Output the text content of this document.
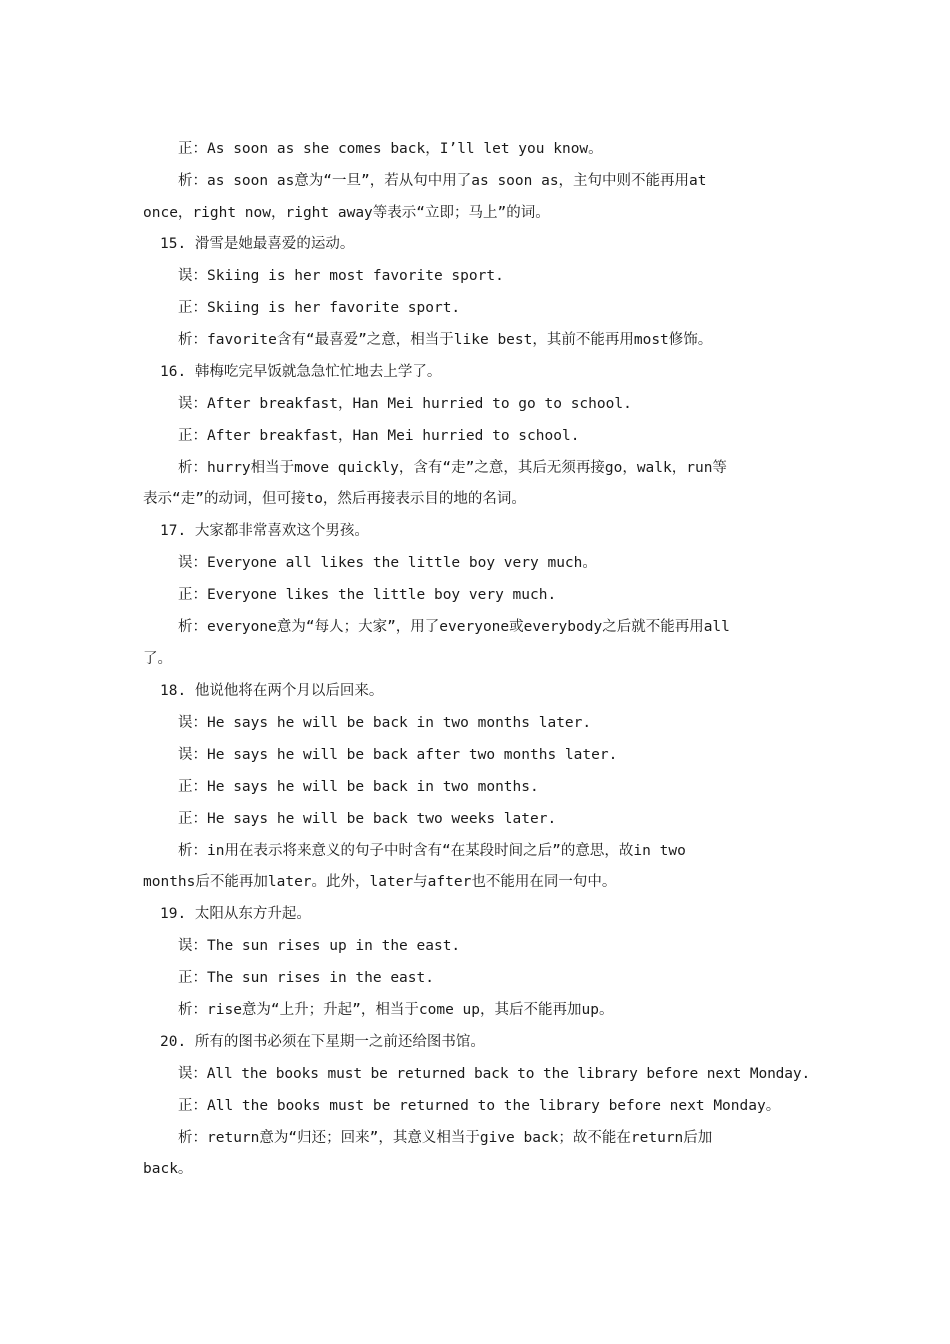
正：As soon as she comes back，I’ll let you know。
析：as soon as意为“一旦”，若从句中用了as soon as，主句中则不能再用at
once，right now，right away等表示“立即；马上”的词。
15. 滑雪是她最喜爱的运动。
误：Skiing is her most favorite sport.
正：Skiing is her favorite sport.
析：favorite含有“最喜爱”之意，相当于like best，其前不能再用most修饰。
16. 韩梅吃完早饭就急急忙忙地去上学了。
误：After breakfast，Han Mei hurried to go to school.
正：After breakfast，Han Mei hurried to school.
析：hurry相当于move quickly，含有“走”之意，其后无须再接go，walk，run等
表示“走”的动词，但可接to，然后再接表示目的地的名词。
17. 大家都非常喜欢这个男孩。
误：Everyone all likes the little boy very much。
正：Everyone likes the little boy very much.
析：everyone意为“每人；大家”，用了everyone或everybody之后就不能再用all
了。
18. 他说他将在两个月以后回来。
误：He says he will be back in two months later.
误：He says he will be back after two months later.
正：He says he will be back in two months.
正：He says he will be back two weeks later.
析：in用在表示将来意义的句子中时含有“在某段时间之后”的意思，故in two
months后不能再加later。此外，later与after也不能用在同一句中。
19. 太阳从东方升起。
误：The sun rises up in the east.
正：The sun rises in the east.
析：rise意为“上升；升起”，相当于come up，其后不能再加up。
20. 所有的图书必须在下星期一之前还给图书馆。
误：All the books must be returned back to the library before next Monday.
正：All the books must be returned to the library before next Monday。
析：return意为“归还；回来”，其意义相当于give back；故不能在return后加
back。
